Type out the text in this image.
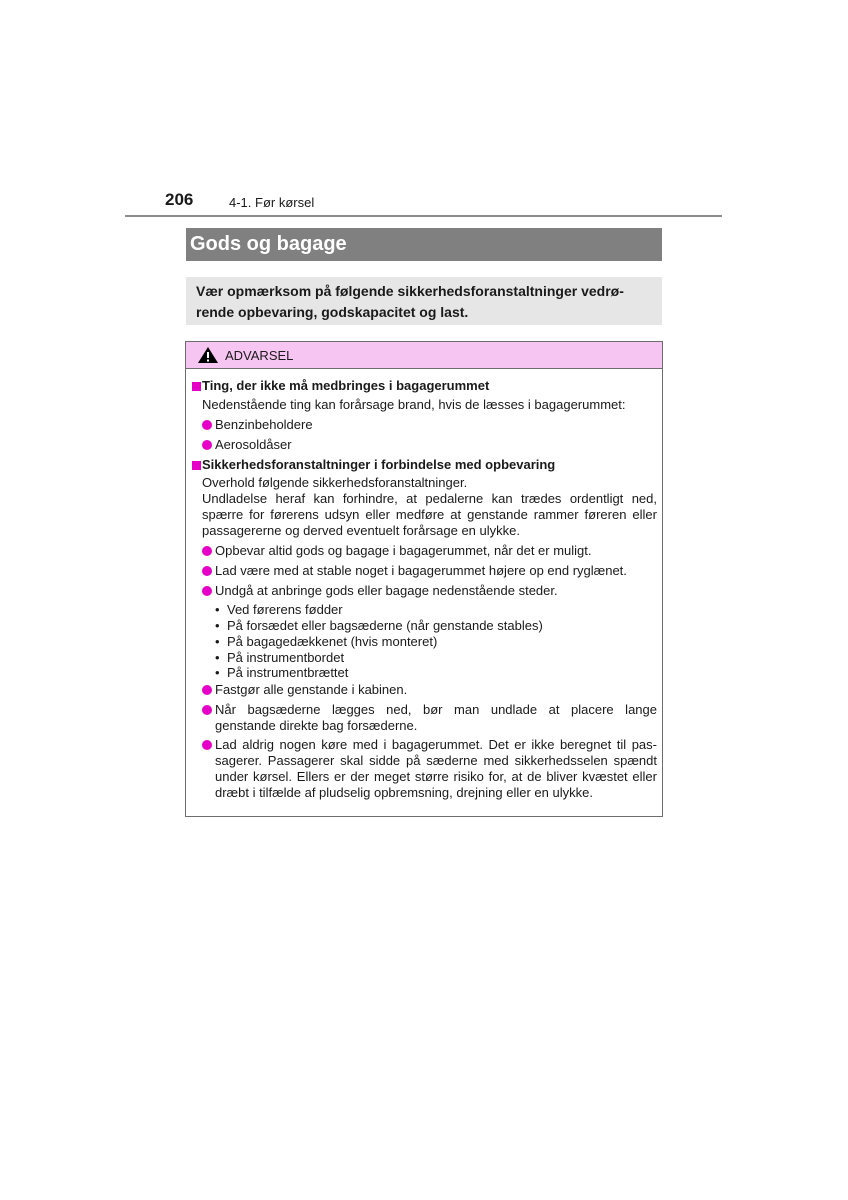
206	4-1. Før kørsel
Gods og bagage
Vær opmærksom på følgende sikkerhedsforanstaltninger vedrø-
rende opbevaring, godskapacitet og last.
ADVARSEL
Ting, der ikke må medbringes i bagagerummet
Nedenstående ting kan forårsage brand, hvis de læsses i bagagerummet:
Benzinbeholdere
Aerosoldåser
Sikkerhedsforanstaltninger i forbindelse med opbevaring
Overhold følgende sikkerhedsforanstaltninger.
Undladelse heraf kan forhindre, at pedalerne kan trædes ordentligt ned,
spærre for førerens udsyn eller medføre at genstande rammer føreren eller
passagererne og derved eventuelt forårsage en ulykke.
Opbevar altid gods og bagage i bagagerummet, når det er muligt.
Lad være med at stable noget i bagagerummet højere op end ryglænet.
Undgå at anbringe gods eller bagage nedenstående steder.
• Ved førerens fødder
• På forsædet eller bagsæderne (når genstande stables)
• På bagagedækkenet (hvis monteret)
• På instrumentbordet
• På instrumentbrættet
Fastgør alle genstande i kabinen.
Når bagsæderne lægges ned, bør man undlade at placere lange
genstande direkte bag forsæderne.
Lad aldrig nogen køre med i bagagerummet. Det er ikke beregnet til pas-
sagerer. Passagerer skal sidde på sæderne med sikkerhedsselen spændt
under kørsel. Ellers er der meget større risiko for, at de bliver kvæstet eller
dræbt i tilfælde af pludselig opbremsning, drejning eller en ulykke.
